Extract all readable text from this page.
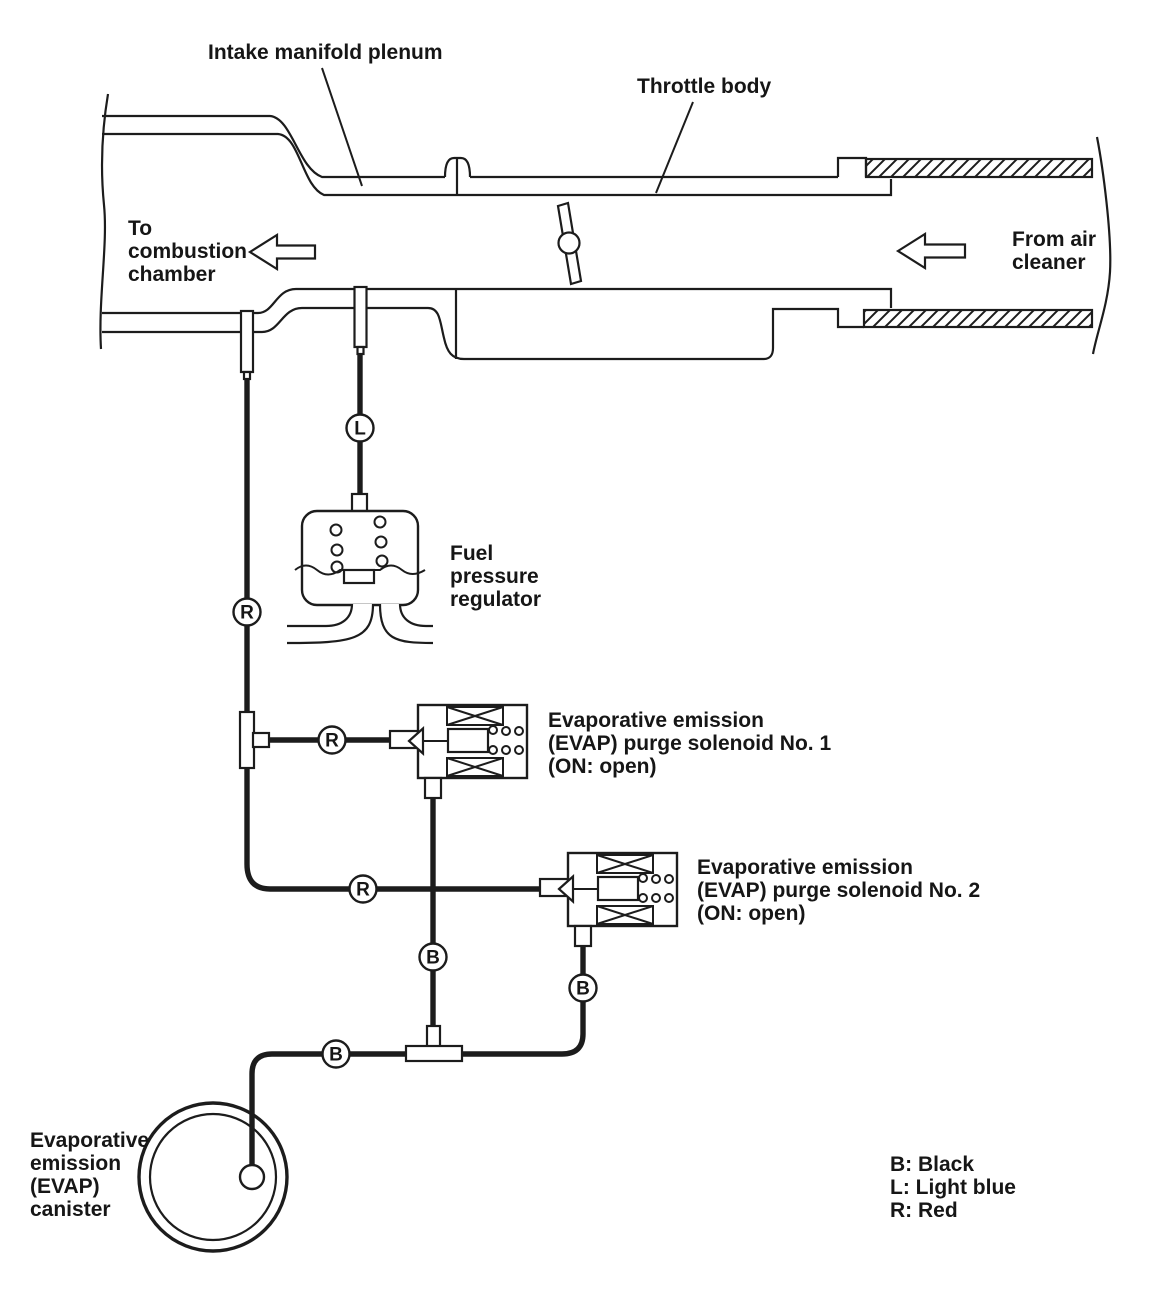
L
R
R
R
B
B
B
Intake manifold plenum
Throttle body
To
combustion
chamber
From air
cleaner
Fuel
pressure
regulator
Evaporative emission
(EVAP) purge solenoid No. 1
(ON: open)
Evaporative emission
(EVAP) purge solenoid No. 2
(ON: open)
Evaporative
emission
(EVAP)
canister
B: Black
L: Light blue
R: Red
